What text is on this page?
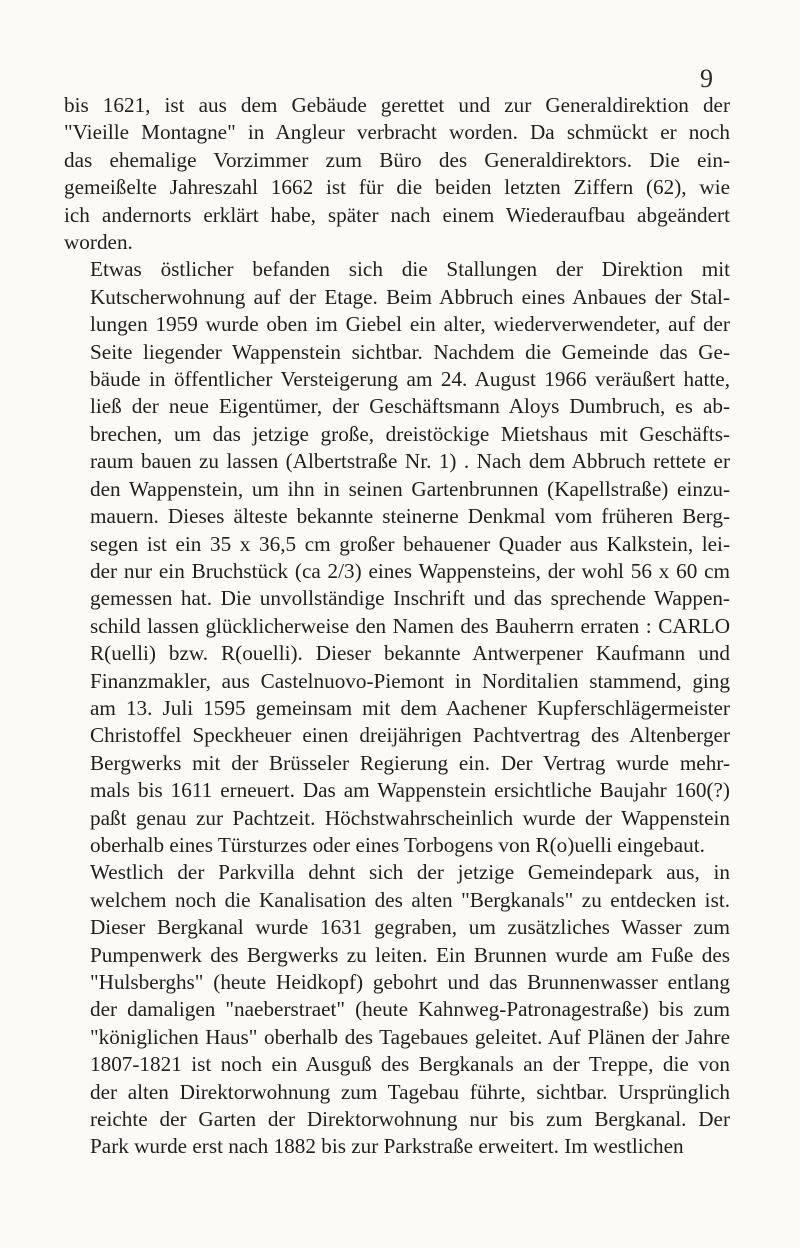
9

bis 1621, ist aus dem Gebäude gerettet und zur Generaldirektion der
"Vieille Montagne" in Angleur verbracht worden. Da schmückt er noch
das ehemalige Vorzimmer zum Büro des Generaldirektors. Die ein-
gemeißelte Jahreszahl 1662 ist für die beiden letzten Ziffern (62), wie
ich andernorts erklärt habe, später nach einem Wiederaufbau abgeändert
worden.

Etwas östlicher befanden sich die Stallungen der Direktion mit
Kutscherwohnung auf der Etage. Beim Abbruch eines Anbaues der Stal-
lungen 1959 wurde oben im Giebel ein alter, wiederverwendeter, auf der
Seite liegender Wappenstein sichtbar. Nachdem die Gemeinde das Ge-
bäude in öffentlicher Versteigerung am 24. August 1966 veräußert hatte,
ließ der neue Eigentümer, der Geschäftsmann Aloys Dumbruch, es ab-
brechen, um das jetzige große, dreistöckige Mietshaus mit Geschäfts-
raum bauen zu lassen (Albertstraße Nr. 1) . Nach dem Abbruch rettete er
den Wappenstein, um ihn in seinen Gartenbrunnen (Kapellstraße) einzu-
mauern. Dieses älteste bekannte steinerne Denkmal vom früheren Berg-
segen ist ein 35 x 36,5 cm großer behauener Quader aus Kalkstein, lei-
der nur ein Bruchstück (ca 2/3) eines Wappensteins, der wohl 56 x 60 cm
gemessen hat. Die unvollständige Inschrift und das sprechende Wappen-
schild lassen glücklicherweise den Namen des Bauherrn erraten : CARLO
R(uelli) bzw. R(ouelli). Dieser bekannte Antwerpener Kaufmann und
Finanzmakler, aus Castelnuovo-Piemont in Norditalien stammend, ging
am 13. Juli 1595 gemeinsam mit dem Aachener Kupferschlägermeister
Christoffel Speckheuer einen dreijährigen Pachtvertrag des Altenberger
Bergwerks mit der Brüsseler Regierung ein. Der Vertrag wurde mehr-
mals bis 1611 erneuert. Das am Wappenstein ersichtliche Baujahr 160(?)
paßt genau zur Pachtzeit. Höchstwahrscheinlich wurde der Wappenstein
oberhalb eines Türsturzes oder eines Torbogens von R(o)uelli eingebaut.

Westlich der Parkvilla dehnt sich der jetzige Gemeindepark aus, in
welchem noch die Kanalisation des alten "Bergkanals" zu entdecken ist.
Dieser Bergkanal wurde 1631 gegraben, um zusätzliches Wasser zum
Pumpenwerk des Bergwerks zu leiten. Ein Brunnen wurde am Fuße des
"Hulsberghs" (heute Heidkopf) gebohrt und das Brunnenwasser entlang
der damaligen "naeberstraet" (heute Kahnweg-Patronagestraße) bis zum
"königlichen Haus" oberhalb des Tagebaues geleitet. Auf Plänen der Jahre
1807-1821 ist noch ein Ausguß des Bergkanals an der Treppe, die von
der alten Direktorwohnung zum Tagebau führte, sichtbar. Ursprünglich
reichte der Garten der Direktorwohnung nur bis zum Bergkanal. Der
Park wurde erst nach 1882 bis zur Parkstraße erweitert. Im westlichen
